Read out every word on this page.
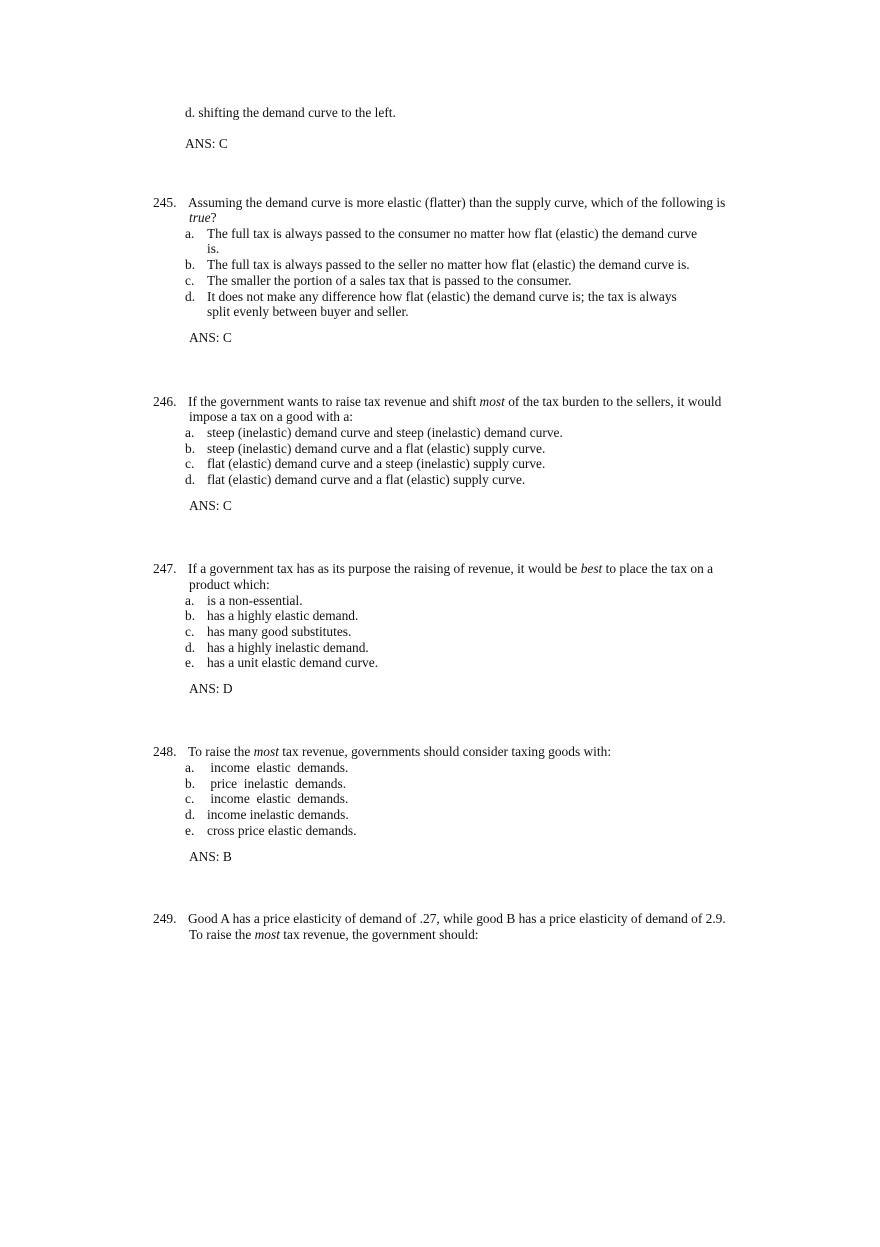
d. shifting the demand curve to the left.
ANS: C
245. Assuming the demand curve is more elastic (flatter) than the supply curve, which of the following is
true?
a. The full tax is always passed to the consumer no matter how flat (elastic) the demand curve
is.
b. The full tax is always passed to the seller no matter how flat (elastic) the demand curve is.
c. The smaller the portion of a sales tax that is passed to the consumer.
d. It does not make any difference how flat (elastic) the demand curve is; the tax is always
split evenly between buyer and seller.
ANS: C
246. If the government wants to raise tax revenue and shift most of the tax burden to the sellers, it would
impose a tax on a good with a:
a. steep (inelastic) demand curve and steep (inelastic) demand curve.
b. steep (inelastic) demand curve and a flat (elastic) supply curve.
c. flat (elastic) demand curve and a steep (inelastic) supply curve.
d. flat (elastic) demand curve and a flat (elastic) supply curve.
ANS: C
247. If a government tax has as its purpose the raising of revenue, it would be best to place the tax on a
product which:
a. is a non-essential.
b. has a highly elastic demand.
c. has many good substitutes.
d. has a highly inelastic demand.
e. has a unit elastic demand curve.
ANS: D
248. To raise the most tax revenue, governments should consider taxing goods with:
a. income  elastic  demands.
b. price  inelastic  demands.
c. income  elastic  demands.
d. income inelastic demands.
e. cross price elastic demands.
ANS: B
249. Good A has a price elasticity of demand of .27, while good B has a price elasticity of demand of 2.9.
To raise the most tax revenue, the government should:
